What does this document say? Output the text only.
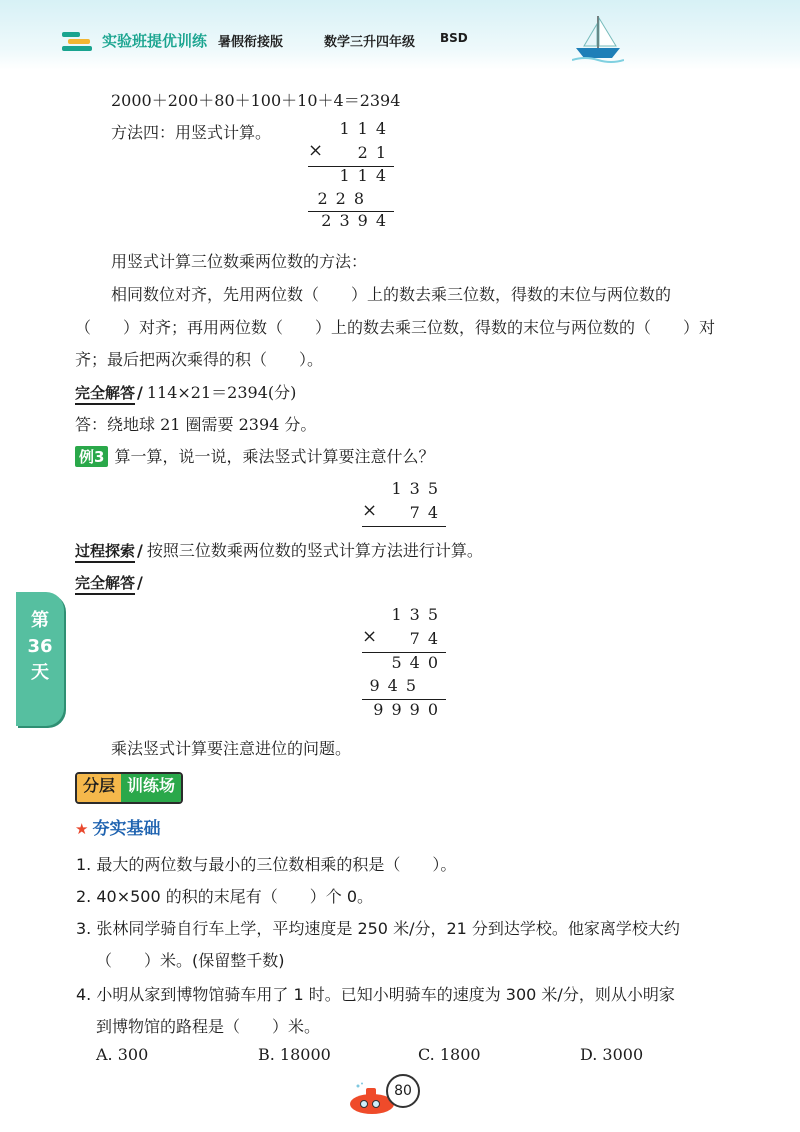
实验班提优训练 暑假衔接版	数学三升四年级 BSD
2000＋200＋80＋100＋10＋4＝2394
方法四：用竖式计算。	114
× 21
114
228
2394
用竖式计算三位数乘两位数的方法：
相同数位对齐，先用两位数（　　）上的数去乘三位数，得数的末位与两位数的
（　　）对齐；再用两位数（　　）上的数去乘三位数，得数的末位与两位数的（　　）对
齐；最后把两次乘得的积（　　）。
完全解答 / 114×21＝2394(分)
答：绕地球 21 圈需要 2394 分。
例3 算一算，说一说，乘法竖式计算要注意什么？
135
× 74
过程探索 / 按照三位数乘两位数的竖式计算方法进行计算。
完全解答 /
第36天
135
× 74
540
945
9990
乘法竖式计算要注意进位的问题。
分层 训练场
★ 夯实基础
1. 最大的两位数与最小的三位数相乘的积是（　　）。
2. 40×500 的积的末尾有（　　）个 0。
3. 张林同学骑自行车上学，平均速度是 250 米/分，21 分到达学校。他家离学校大约
（　　）米。(保留整千数)
4. 小明从家到博物馆骑车用了 1 时。已知小明骑车的速度为 300 米/分，则从小明家
到博物馆的路程是（　　）米。
A. 300	B. 18000	C. 1800	D. 3000
80
